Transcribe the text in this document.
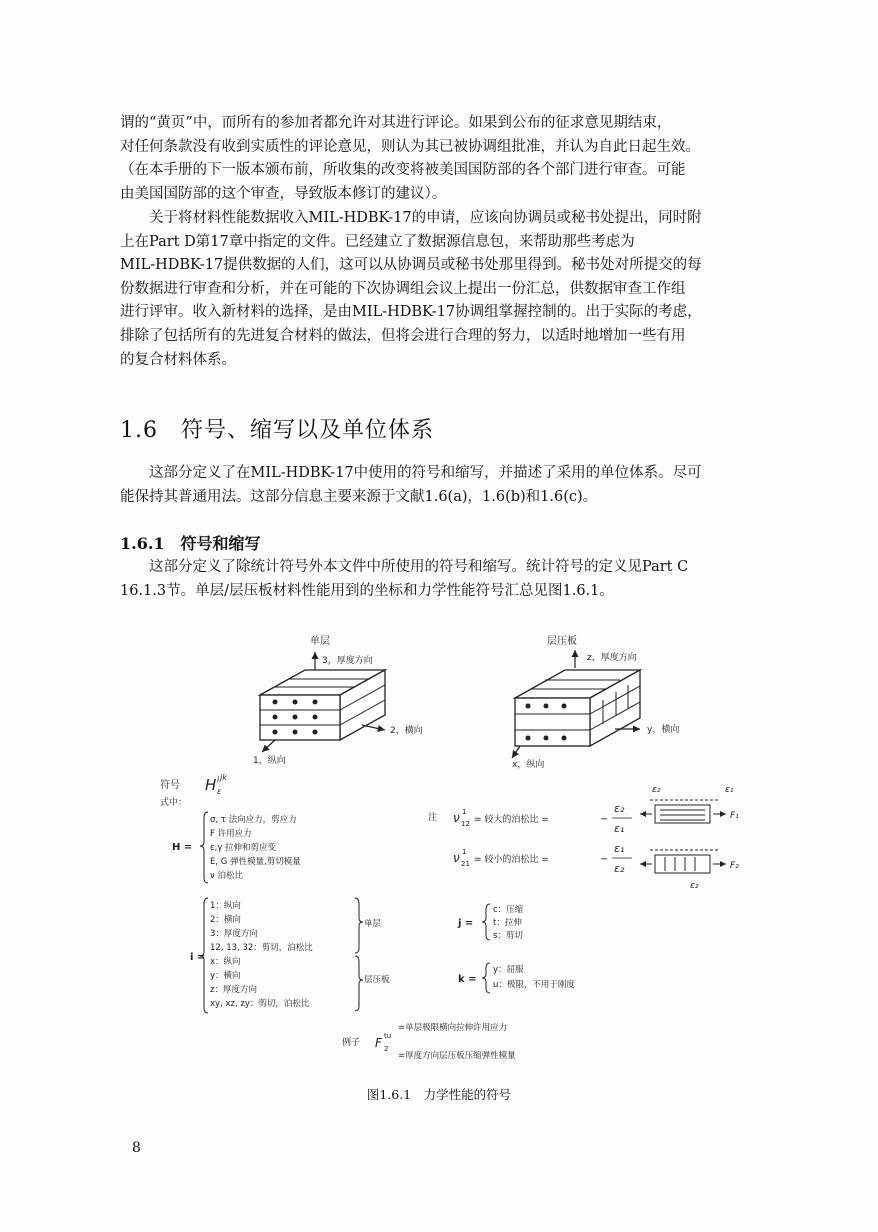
谓的“黄页”中，而所有的参加者都允许对其进行评论。如果到公布的征求意见期结束，
对任何条款没有收到实质性的评论意见，则认为其已被协调组批准，并认为自此日起生效。
（在本手册的下一版本颁布前，所收集的改变将被美国国防部的各个部门进行审查。可能
由美国国防部的这个审查，导致版本修订的建议）。
关于将材料性能数据收入MIL-HDBK-17的申请，应该向协调员或秘书处提出，同时附
上在Part D第17章中指定的文件。已经建立了数据源信息包，来帮助那些考虑为
MIL-HDBK-17提供数据的人们，这可以从协调员或秘书处那里得到。秘书处对所提交的每
份数据进行审查和分析，并在可能的下次协调组会议上提出一份汇总，供数据审查工作组
进行评审。收入新材料的选择，是由MIL-HDBK-17协调组掌握控制的。出于实际的考虑，
排除了包括所有的先进复合材料的做法，但将会进行合理的努力，以适时地增加一些有用
的复合材料体系。
1.6　符号、缩写以及单位体系
这部分定义了在MIL-HDBK-17中使用的符号和缩写，并描述了采用的单位体系。尽可
能保持其普通用法。这部分信息主要来源于文献1.6(a)，1.6(b)和1.6(c)。
1.6.1　符号和缩写
这部分定义了除统计符号外本文件中所使用的符号和缩写。统计符号的定义见Part C
16.1.3节。单层/层压板材料性能用到的坐标和力学性能符号汇总见图1.6.1。
单层
3，厚度方向
2，横向
1，纵向
层压板
z，厚度方向
y，横向
x，纵向
符号 H i jk
ε
式中：
H =
σ, τ 法向应力，剪应力
F 许用应力
ε,γ 拉伸和剪应变
E, G 弹性模量,剪切模量
ν 泊松比
i =
1：纵向
2：横向
3：厚度方向
12, 13, 32：剪切，泊松比
单层
x：纵向
y：横向
z：厚度方向
xy, xz, zy：剪切，泊松比
层压板
注 ν 12
1
= 较大的泊松比 =	−
ε₂
ε₁
ν 21
1
= 较小的泊松比 =	−
ε₁
ε₂
F₁
F₂
ε₂	ε₁
ε₂
j =
c：压缩
t：拉伸
s：剪切
k =
y：屈服
u：极限，不用于刚度
例子 F tu
2
=单层极限横向拉伸许用应力
=厚度方向层压板压缩弹性模量
图1.6.1　力学性能的符号
8
